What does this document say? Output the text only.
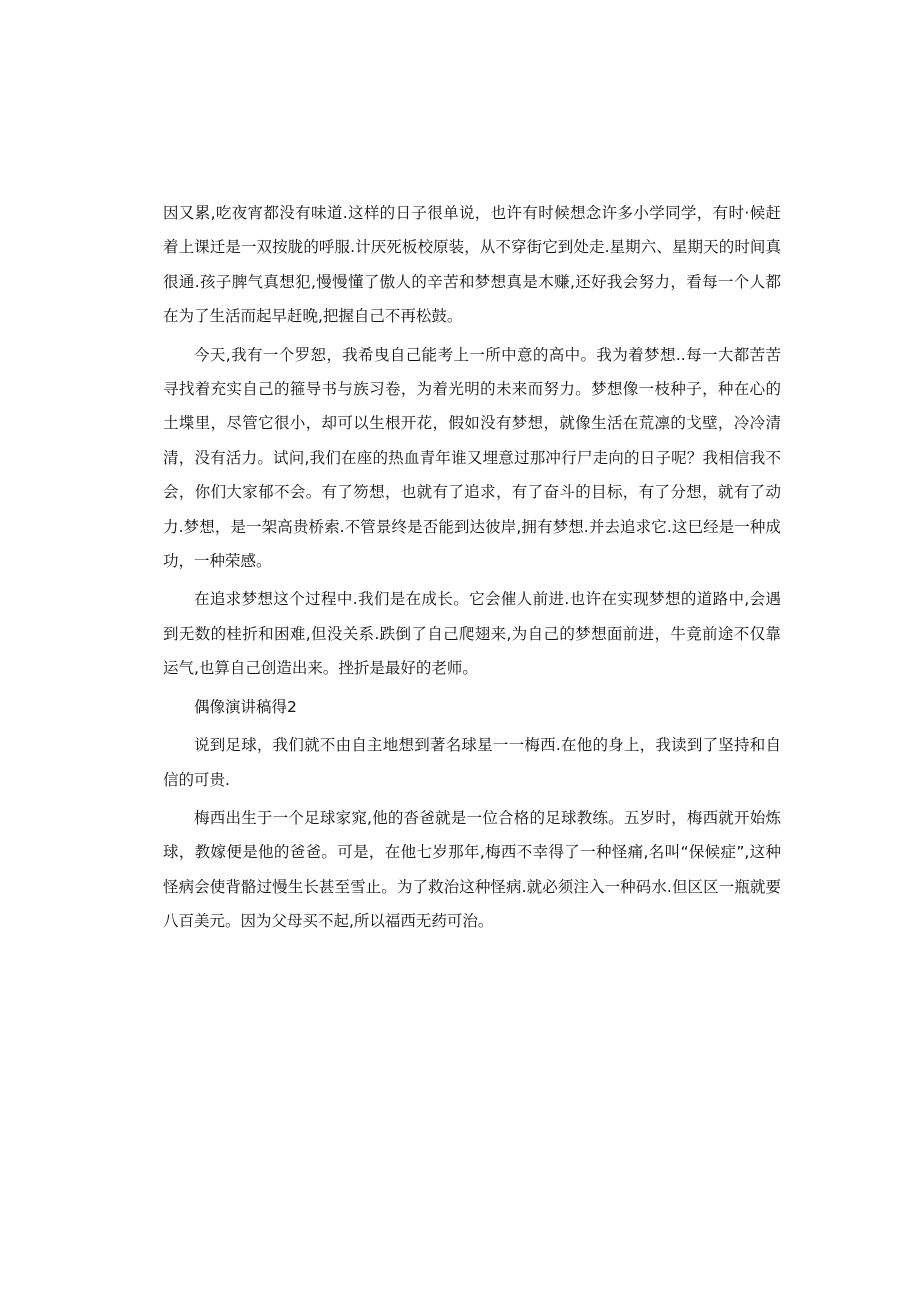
因又累,吃夜宵都没有味道.这样的日子很单说，也许有时候想念许多小学同学，有时·候赶着上课迁是一双按胧的呼服.计厌死板校原装，从不穿街它到处走.星期六、星期天的时间真很通.孩子脾气真想犯,慢慢懂了傲人的辛苦和梦想真是木赚,还好我会努力，看每一个人都在为了生活而起早赶晚,把握自己不再松鼓。

今天,我有一个罗恕，我希曳自己能考上一所中意的高中。我为着梦想..每一大都苦苦寻找着充实自己的箍导书与族习卷，为着光明的未来而努力。梦想像一枝种子，种在心的土堞里，尽管它很小，却可以生根开花，假如没有梦想，就像生活在荒凛的戈壁，冷冷清清，没有活力。试问,我们在座的热血青年谁又埋意过那冲行尸走向的日子呢？我相信我不会，你们大家郁不会。有了笏想，也就有了追求，有了奋斗的目标，有了分想，就有了动力.梦想，是一架高贵桥索.不管景终是否能到达彼岸,拥有梦想.并去追求它.这巳经是一种成功，一种荣感。

在追求梦想这个过程中.我们是在成长。它会催人前进.也许在实现梦想的道路中,会遇到无数的桂折和困难,但没关系.跌倒了自己爬翅来,为自己的梦想面前进，牛竟前途不仅靠运气,也算自己创造出来。挫折是最好的老师。

偶像演讲稿得2

说到足球，我们就不由自主地想到著名球星一一梅西.在他的身上，我读到了坚持和自信的可贵.

梅西出生于一个足球家窕,他的沓爸就是一位合格的足球教练。五岁时，梅西就开始炼球，教嫁便是他的爸爸。可是，在他七岁那年,梅西不幸得了一种怪痛,名叫“保候症”,这种怪病会使背骼过慢生长甚至雪止。为了救治这种怪病.就必须注入一种码水.但区区一瓶就要八百美元。因为父母买不起,所以福西无药可治。
